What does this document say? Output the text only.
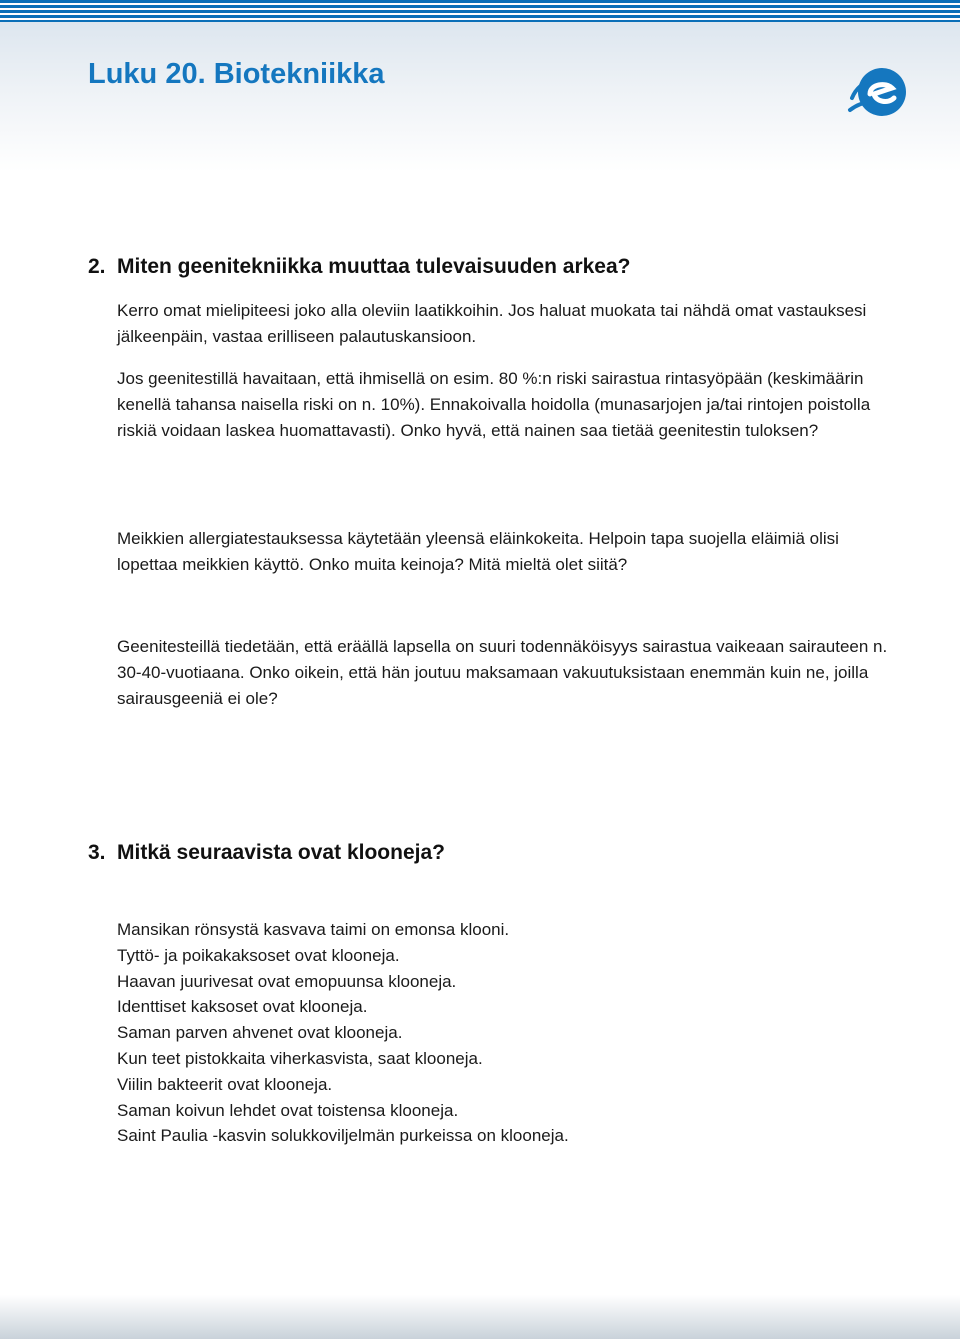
Luku 20. Biotekniikka
2. Miten geenitekniikka muuttaa tulevaisuuden arkea?

Kerro omat mielipiteesi joko alla oleviin laatikkoihin. Jos haluat muokata tai nähdä omat vastauksesi jälkeenpäin, vastaa erilliseen palautuskansioon.

Jos geenitestillä havaitaan, että ihmisellä on esim. 80 %:n riski sairastua rintasyöpään (keskimäärin kenellä tahansa naisella riski on n. 10%). Ennakoivalla hoidolla (munasarjojen ja/tai rintojen poistolla riskiä voidaan laskea huomattavasti). Onko hyvä, että nainen saa tietää geenitestin tuloksen?

Meikkien allergiatestauksessa käytetään yleensä eläinkokeita. Helpoin tapa suojella eläimiä olisi lopettaa meikkien käyttö. Onko muita keinoja? Mitä mieltä olet siitä?

Geenitesteillä tiedetään, että eräällä lapsella on suuri todennäköisyys sairastua vaikeaan sairauteen n. 30-40-vuotiaana. Onko oikein, että hän joutuu maksamaan vakuutuksistaan enemmän kuin ne, joilla sairausgeeniä ei ole?

3. Mitkä seuraavista ovat klooneja?
Mansikan rönsystä kasvava taimi on emonsa klooni.
Tyttö- ja poikakaksoset ovat klooneja.
Haavan juurivesat ovat emopuunsa klooneja.
Identtiset kaksoset ovat klooneja.
Saman parven ahvenet ovat klooneja.
Kun teet pistokkaita viherkasvista, saat klooneja.
Viilin bakteerit ovat klooneja.
Saman koivun lehdet ovat toistensa klooneja.
Saint Paulia -kasvin solukkoviljelmän purkeissa on klooneja.
